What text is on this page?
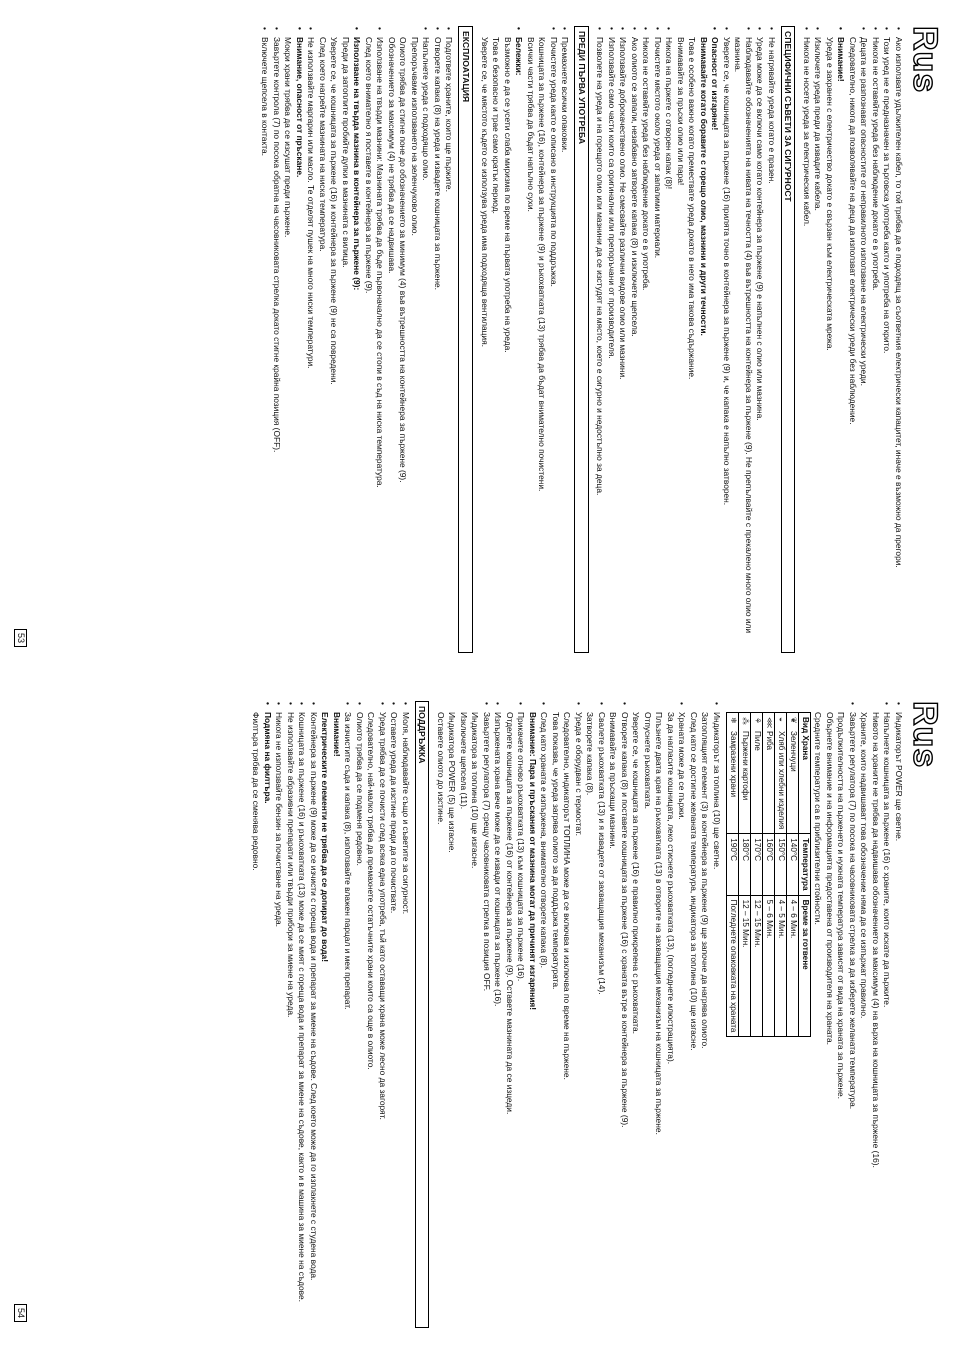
Rus
• Ако използвате удължителен кабел, то той трябва да е подходящ за съответния електрически капацитет, иначе е възможно да прегори.
• Този уред не е предназначен за търговска употреба както и употреба на открито.
• Никога не оставяйте уреда без наблюдение докато е в употреба.
• Децата не разпознават опасностите от неправилното използване на електрически уреди.
Следователно, никога да позволявайте на деца да използват електрически уреди без наблюдение.
• Внимание!
Уреда е захранен с електричество докато е свързан към електрическата мрежа.
• Изключете уреда преди да извадите кабела.
• Никога не носете уреда за електрическия кабел.
СПЕЦИФИЧНИ СЪВЕТИ ЗА СИГУРНОСТ
• Не нагрявайте уреда когато е празен.
• Уреда може да се включи само когато контейнера за пържене (9) е напълнен с олио или мазнина.
• Наблюдавайте обозначенията на нивата на течността (4) във вътрешността на контейнера за пържене (9). Не препълвайте с прекалено много олио или мазнина.
• Уверете се, че кошницата за пържене (16) прилята точно в контейнера за пържене (9) и, че капака е напълно затворен.
• Опасност от изгаряне!
Внимавайте когато боравите с горещо олио, мазнини и други течности.
Това е особено важно когато премествате уреда докато в него има такова съдържание.
Внимавайте за пръски олио или пара!
• Никога на пържете с отворен капак (8)!
• Почистете мястото около уреда от запалими материали.
• Никога не оставяйте уреда без наблюдение докато е в употреба.
• Ако олиото се запали, незабавно затворете капака (8) и изключете щепсела.
• Използвайте доброкачествено олио. Не смесвайте различни видове олио или мазнини.
• Използвайте само части които са оригинални или препоръчани от производителя.
• Позволете на уреда и на горещото олио или мазнини да се изстудят на място, което е сигурно и недостъпно за деца.
ПРЕДИ ПЪРВА УПОТРЕБА
• Премахнете всички опаковки.
• Почистете уреда както е описано в инструкцията по поддръжка.
Кошницата за пържене (16), контейнера за пържене (9) и ръкохватката (13) трябва да бъдат внимателно почистени.
Всички части трябва да бъдат напълно сухи.
• Бележки:
Възможно е да се усети слаба миризма по време на първата употреба на уреда.
Това е безопасно и трае само кратък период.
Уверете се, че мястото където се използува уреда има подходяща вентилация.
ЕКСПЛОАТАЦИЯ
• Подгответе храните, които ще пържите.
• Отворете капака (8) на уреда и извадете кошницата за пържене.
• Напълнете уреда с подходящо олио.
Препоръчваме използването на зеленчуково олио.
Олиото трябва да стигне поне до обозначението за минимум (4) във вътрешността на контейнера за пържене (9).
Обозначението за максимум (4) не трябва да се надвишава.
• Използване на твърди мазнини: Мазнината трябва да бъде първоначално да се стопи в съд на ниска температура.
След което внимателно я поставете в контейнера за пържене (9).
• Използване на твърда мазнина в контейнера за пържене (9):
Преди да затоплите пробийте дупки в мазнината с вилица.
Уверете се, че кошницата за пържене (16) и контейнера за пържене (9) не са повредени.
След което нагрейте мазнината на ниска температура.
• Не използвайте маргарин или масло. Те отделят пушек на много ниски температури.
• Внимание, опасност от пръскане.
Мокри храни трябва да се изсушат преди пържене.
• Завъртете контрола (7) по посока обратна на часовниковата стрелка докато стигне крайна позиция (OFF).
• Включете щепсела в контакта.
53
Rus
• Индикаторът POWER ще светне.
• Напълнете кошницата за пържене (16) с храните, които искате да пържите.
Нивото на храните не трябва да надвишава обозначението за максимум (4) на върха на кошницата за пържене (16).
Храните, които надвишават това обозначение няма да се изпържат правилно.
• Завъртете регулатора (7) по посока на часовниковата стрелка за да изберете желаната температура.
Продължителността на пърженето и нужната температура зависят от вида на храната за пържене.
Обърнете внимание и на информацията предоставена от производителя на храната.
Средните температури са в приблизителни стойности.
Вид Храна	Температура	Време за готвене
❦Зеленчуци	140°C	4 – 6 Мин.
◒Хляб или хлебни изделия	150°C	4 – 5 Мин.
⋘Риба	160°C	5 – 6 Мин.
⚘Пиле	170°C	12 – 15 Мин.
⁂Пържени картофи	180°C	12 – 15 Мин.
❄Замразени храни	190°C	Погледнете опаковката на храната
• Индикаторът за топлина (10) ще светне.
Затоплящият елемент (3) в контейнера за пържене (9) ще започне да нагрява олиото.
След като се достигне желаната температура, индикатора за топлина (10) ще изгасне.
• Храната може да се пържи.
За да нагласите кошницата, леко стиснете ръкохватката (13), (погледнете илюстрацията).
Плъзнете двата края на ръкохватката (13) в отворите на захващащия механизъм на кошницата за пържене.
Отпуснете ръкохватката.
Уверете се, че кошницата за пържене (16) е правилно прикрепена с ръкохватката.
• Отворете капака (8) и поставете кошницата за пържене (16) с храната вътре в контейнера за пържене (9).
Внимавайте за пръскащи мазнини.
• Свалете ръкохватката (13) и я извадете от захващащия механизъм (14).
Затворете капака (8).
• Уреда е оборудван с термостат.
Следователно, индикаторът ТОПЛИНА може да се включва и изключва по време на пържене.
Това показва, че уреда загрява олиото за да поддържа температурата.
• След като храната е изпържена, внимателно отворете капака (8).
Внимание: Пара и пръскания от мазнина могат да причинят изгаряния!
• Прикачете отново ръкохватката (13) към кошницата за пържене (16).
Отделете кошницата за пържене (16) от контейнера за пържене (9). Оставете мазнината да се изцеди.
• Изпържената храна вече може да се извади от кошницата за пържене (16).
• Завъртете регулатора (7) срещу часовниковата стрелка в позиция OFF.
Индикатора за топлина (10) ще изгасне.
Изключете щепсела (11).
Индикатора POWER (5) ще изгасне.
Оставете олиото до изстине.
ПОДДРЪЖКА
• Моля, наблюдавайте също и съветите за сигурност.
• Оставете уреда да изстине преди да го почиствате.
• Уреда трябва да се почисти след всяка една употреба, тъй като оставащи храна може лесно да загорят.
Следователно, най-малко трябва да премахнете остатъчните храни които са още в олиото.
• Олиото трябва да се подменя редовно.
• За изчистите съда и капака (8), използвайте влажен парцал и мек препарат.
Внимание!
Електрическите елементи не трябва да се допират до вода!
• Контейнера за пържене (9) може да се изчисти с гореща вода и препарат за миене на съдове. След което може да го изплакнете с студена вода.
• Кошницата за пържене (16) и ръкохватката (13) може да се мият с гореща вода и препарат за миене на съдове, както и в машина за миене на съдове.
• Не използвайте абразивни препарати или твърди прибори за миене на уреда.
• Никога не използвайте бензин за почистване на уреда.
• Подмяна на филтъра.
Филтъра трябва да се сменява редовно.
54
